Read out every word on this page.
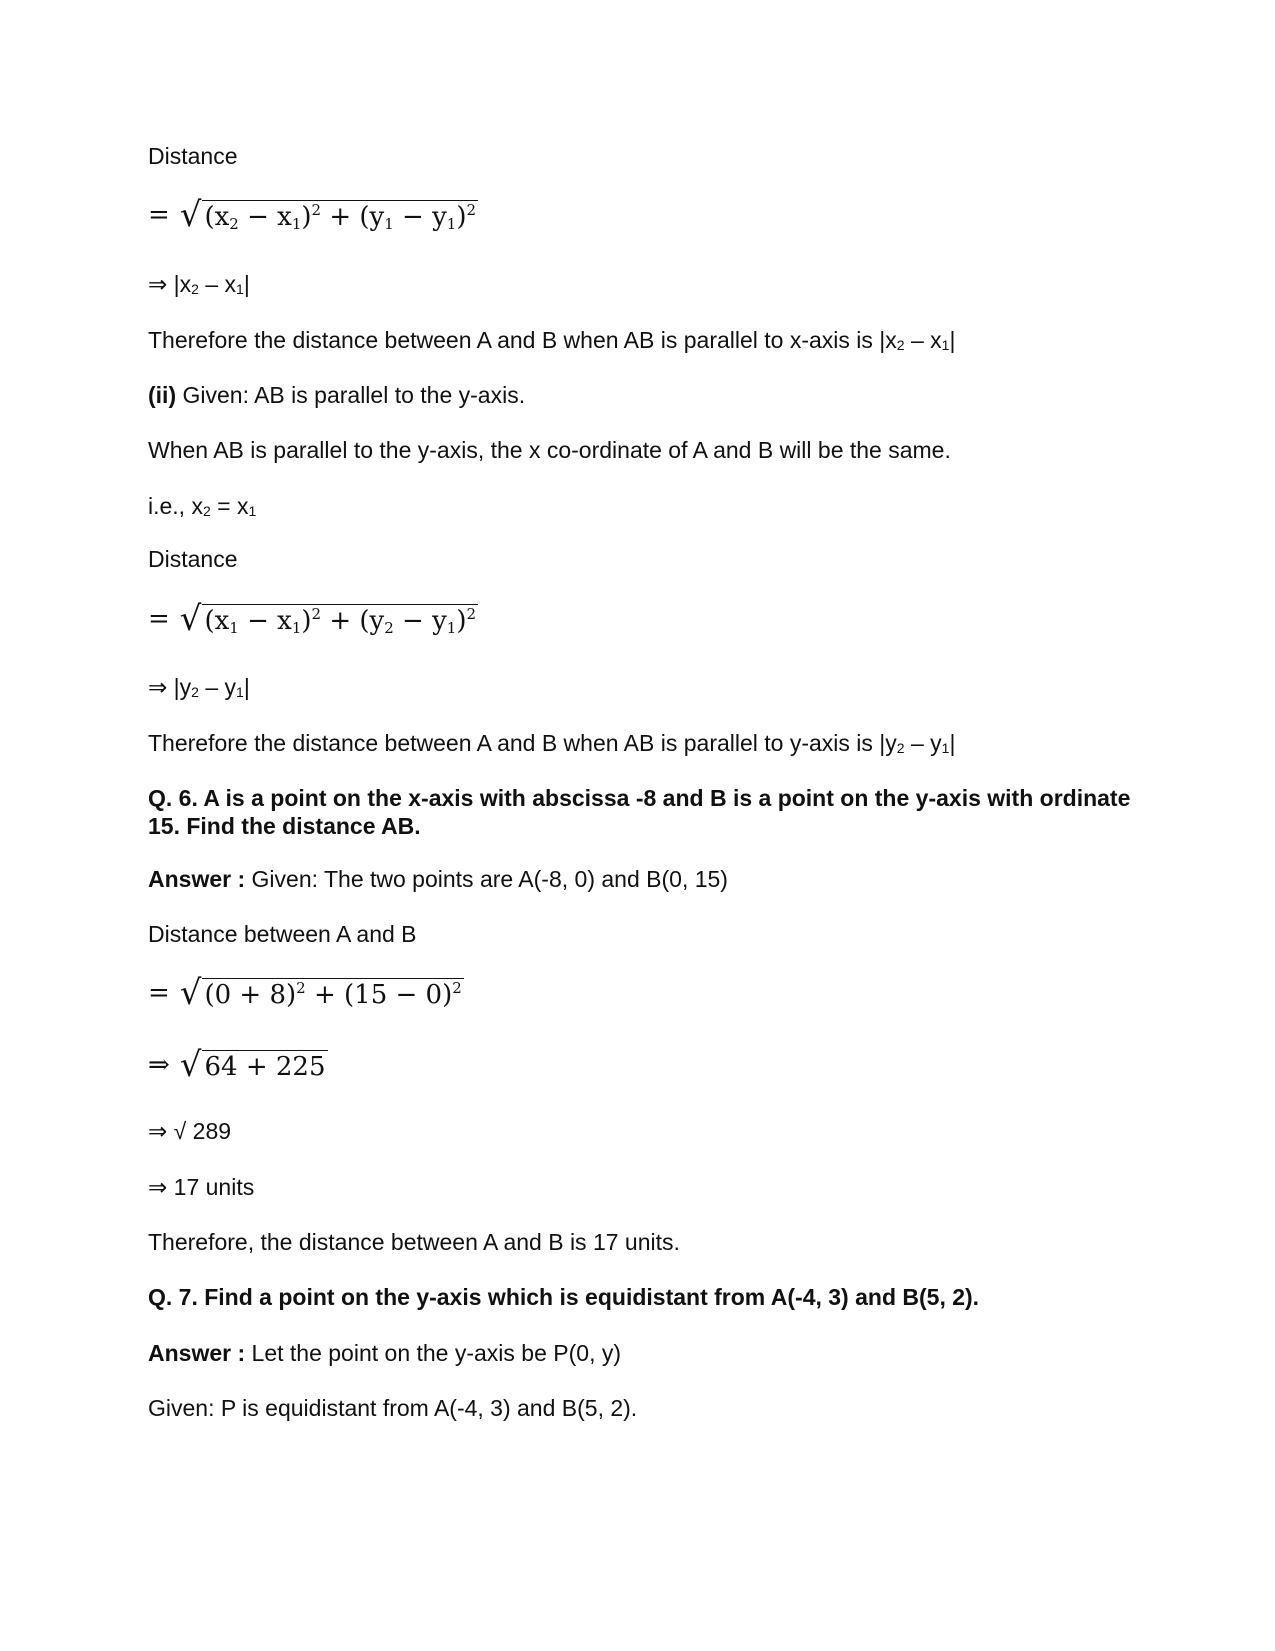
Distance
= √ $(x_2 - x_1)^2 + (y_1 - y_1)^2$
⇒ |x2 – x1|
Therefore the distance between A and B when AB is parallel to x-axis is |x2 – x1|
(ii) Given: AB is parallel to the y-axis.
When AB is parallel to the y-axis, the x co-ordinate of A and B will be the same.
i.e., x2 = x1
Distance
= √ $(x_1 - x_1)^2 + (y_2 - y_1)^2$
⇒ |y2 – y1|
Therefore the distance between A and B when AB is parallel to y-axis is |y2 – y1|
Q. 6. A is a point on the x-axis with abscissa -8 and B is a point on the y-axis with ordinate 15. Find the distance AB.
Answer : Given: The two points are A(-8, 0) and B(0, 15)
Distance between A and B
= √ $(0 + 8)^2 + (15 - 0)^2$
⇒ √ 64 + 225
⇒ √ 289
⇒ 17 units
Therefore, the distance between A and B is 17 units.
Q. 7. Find a point on the y-axis which is equidistant from A(-4, 3) and B(5, 2).
Answer : Let the point on the y-axis be P(0, y)
Given: P is equidistant from A(-4, 3) and B(5, 2).
